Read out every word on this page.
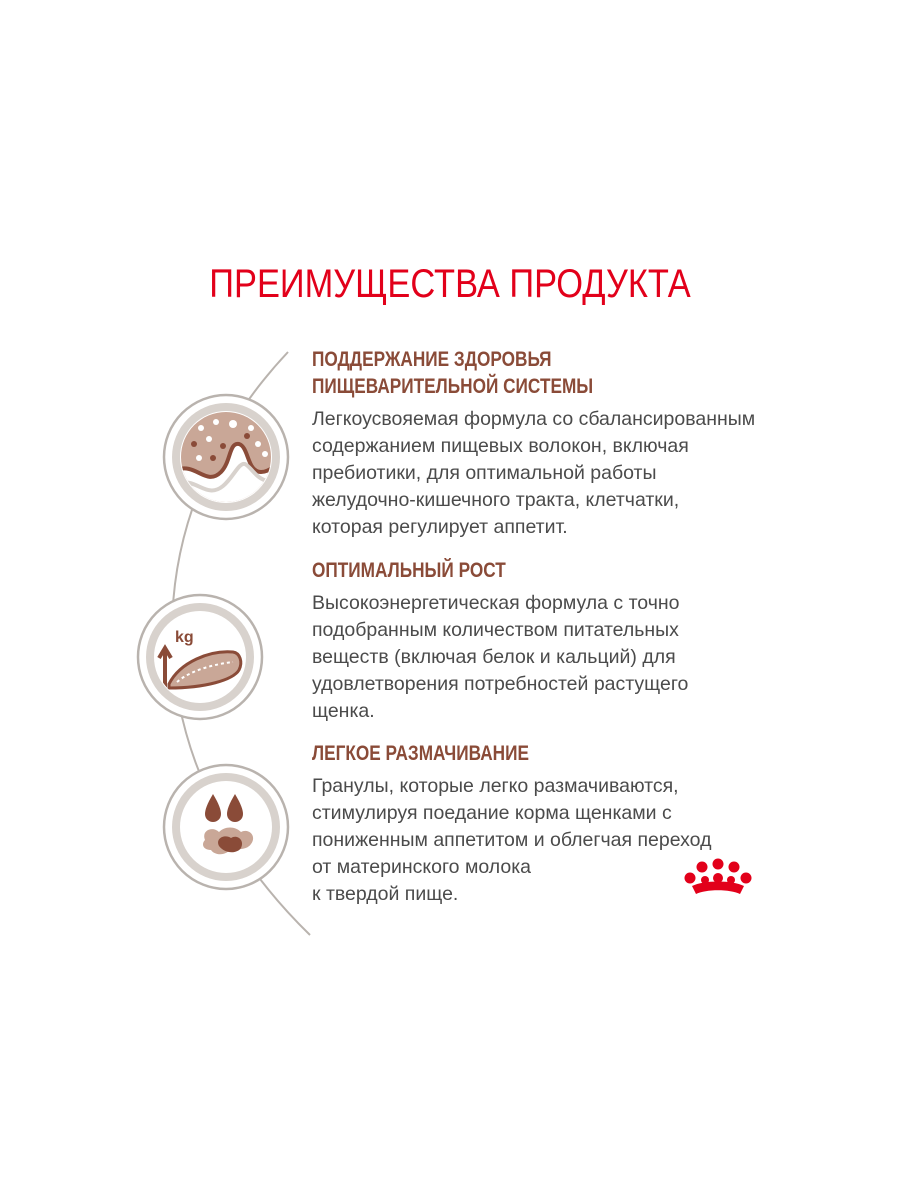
ПРЕИМУЩЕСТВА ПРОДУКТА
kg
ПОДДЕРЖАНИЕ ЗДОРОВЬЯ
ПИЩЕВАРИТЕЛЬНОЙ СИСТЕМЫ
Легкоусвояемая формула со сбалансированным
содержанием пищевых волокон, включая
пребиотики, для оптимальной работы
желудочно-кишечного тракта, клетчатки,
которая регулирует аппетит.
ОПТИМАЛЬНЫЙ РОСТ
Высокоэнергетическая формула с точно
подобранным количеством питательных
веществ (включая белок и кальций) для
удовлетворения потребностей растущего
щенка.
ЛЕГКОЕ РАЗМАЧИВАНИЕ
Гранулы, которые легко размачиваются,
стимулируя поедание корма щенками с
пониженным аппетитом и облегчая переход
от материнского молока
к твердой пище.
